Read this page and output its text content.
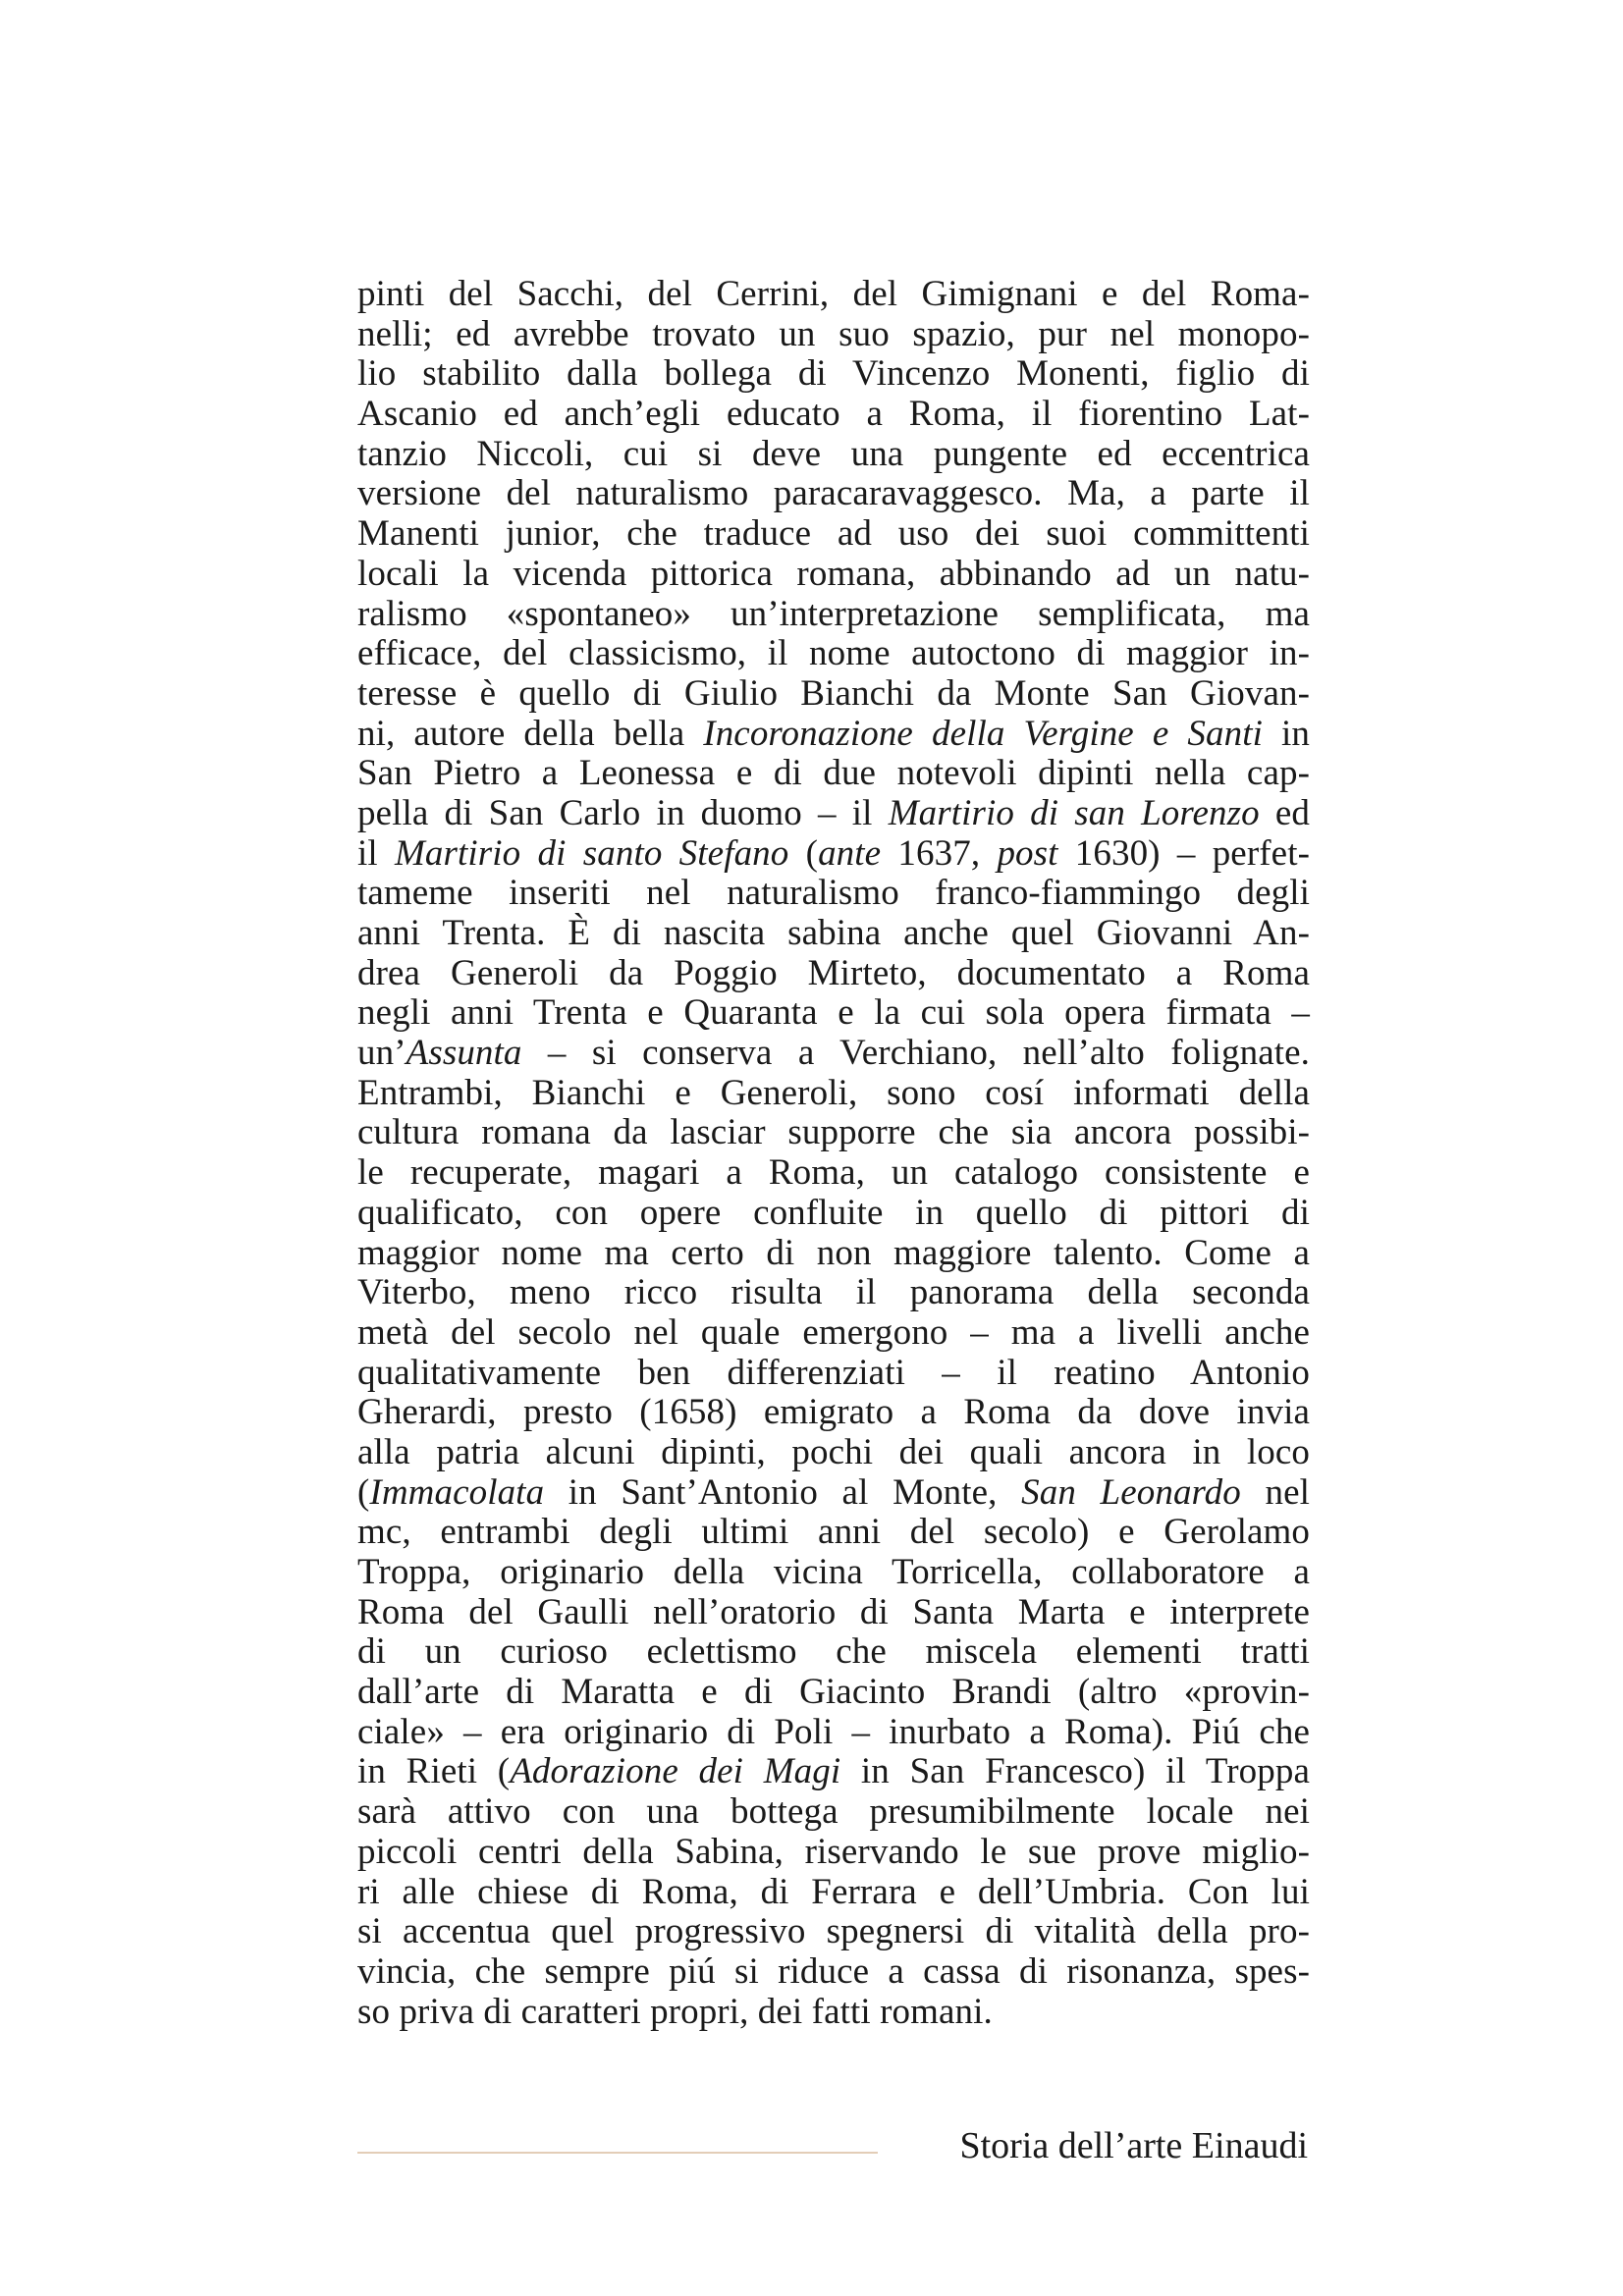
pinti del Sacchi, del Cerrini, del Gimignani e del Roma-
nelli; ed avrebbe trovato un suo spazio, pur nel monopo-
lio stabilito dalla bollega di Vincenzo Monenti, figlio di
Ascanio ed anch’egli educato a Roma, il fiorentino Lat-
tanzio Niccoli, cui si deve una pungente ed eccentrica
versione del naturalismo paracaravaggesco. Ma, a parte il
Manenti junior, che traduce ad uso dei suoi committenti
locali la vicenda pittorica romana, abbinando ad un natu-
ralismo «spontaneo» un’interpretazione semplificata, ma
efficace, del classicismo, il nome autoctono di maggior in-
teresse è quello di Giulio Bianchi da Monte San Giovan-
ni, autore della bella Incoronazione della Vergine e Santi in
San Pietro a Leonessa e di due notevoli dipinti nella cap-
pella di San Carlo in duomo – il Martirio di san Lorenzo ed
il Martirio di santo Stefano (ante 1637, post 1630) – perfet-
tameme inseriti nel naturalismo franco-fiammingo degli
anni Trenta. È di nascita sabina anche quel Giovanni An-
drea Generoli da Poggio Mirteto, documentato a Roma
negli anni Trenta e Quaranta e la cui sola opera firmata –
un’Assunta – si conserva a Verchiano, nell’alto folignate.
Entrambi, Bianchi e Generoli, sono cosí informati della
cultura romana da lasciar supporre che sia ancora possibi-
le recuperate, magari a Roma, un catalogo consistente e
qualificato, con opere confluite in quello di pittori di
maggior nome ma certo di non maggiore talento. Come a
Viterbo, meno ricco risulta il panorama della seconda
metà del secolo nel quale emergono – ma a livelli anche
qualitativamente ben differenziati – il reatino Antonio
Gherardi, presto (1658) emigrato a Roma da dove invia
alla patria alcuni dipinti, pochi dei quali ancora in loco
(Immacolata in Sant’Antonio al Monte, San Leonardo nel
mc, entrambi degli ultimi anni del secolo) e Gerolamo
Troppa, originario della vicina Torricella, collaboratore a
Roma del Gaulli nell’oratorio di Santa Marta e interprete
di un curioso eclettismo che miscela elementi tratti
dall’arte di Maratta e di Giacinto Brandi (altro «provin-
ciale» – era originario di Poli – inurbato a Roma). Piú che
in Rieti (Adorazione dei Magi in San Francesco) il Troppa
sarà attivo con una bottega presumibilmente locale nei
piccoli centri della Sabina, riservando le sue prove miglio-
ri alle chiese di Roma, di Ferrara e dell’Umbria. Con lui
si accentua quel progressivo spegnersi di vitalità della pro-
vincia, che sempre piú si riduce a cassa di risonanza, spes-
so priva di caratteri propri, dei fatti romani.
Storia dell’arte Einaudi
